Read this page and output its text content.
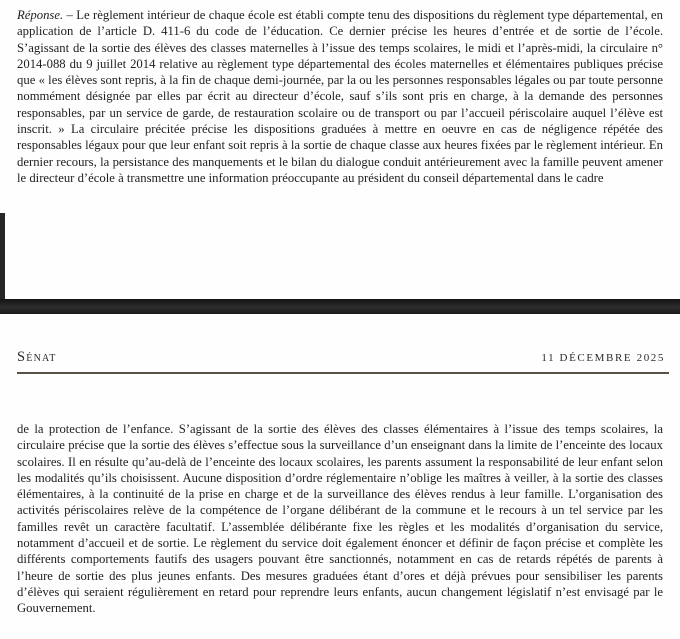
Réponse. – Le règlement intérieur de chaque école est établi compte tenu des dispositions du règlement type départemental, en application de l’article D. 411-6 du code de l’éducation. Ce dernier précise les heures d’entrée et de sortie de l’école. S’agissant de la sortie des élèves des classes maternelles à l’issue des temps scolaires, le midi et l’après-midi, la circulaire n° 2014-088 du 9 juillet 2014 relative au règlement type départemental des écoles maternelles et élémentaires publiques précise que « les élèves sont repris, à la fin de chaque demi-journée, par la ou les personnes responsables légales ou par toute personne nommément désignée par elles par écrit au directeur d’école, sauf s’ils sont pris en charge, à la demande des personnes responsables, par un service de garde, de restauration scolaire ou de transport ou par l’accueil périscolaire auquel l’élève est inscrit. » La circulaire précitée précise les dispositions graduées à mettre en oeuvre en cas de négligence répétée des responsables légaux pour que leur enfant soit repris à la sortie de chaque classe aux heures fixées par le règlement intérieur. En dernier recours, la persistance des manquements et le bilan du dialogue conduit antérieurement avec la famille peuvent amener le directeur d’école à transmettre une information préoccupante au président du conseil départemental dans le cadre

Sénat	11 DÉCEMBRE 2025

de la protection de l’enfance. S’agissant de la sortie des élèves des classes élémentaires à l’issue des temps scolaires, la circulaire précise que la sortie des élèves s’effectue sous la surveillance d’un enseignant dans la limite de l’enceinte des locaux scolaires. Il en résulte qu’au-delà de l’enceinte des locaux scolaires, les parents assument la responsabilité de leur enfant selon les modalités qu’ils choisissent. Aucune disposition d’ordre réglementaire n’oblige les maîtres à veiller, à la sortie des classes élémentaires, à la continuité de la prise en charge et de la surveillance des élèves rendus à leur famille. L’organisation des activités périscolaires relève de la compétence de l’organe délibérant de la commune et le recours à un tel service par les familles revêt un caractère facultatif. L’assemblée délibérante fixe les règles et les modalités d’organisation du service, notamment d’accueil et de sortie. Le règlement du service doit également énoncer et définir de façon précise et complète les différents comportements fautifs des usagers pouvant être sanctionnés, notamment en cas de retards répétés de parents à l’heure de sortie des plus jeunes enfants. Des mesures graduées étant d’ores et déjà prévues pour sensibiliser les parents d’élèves qui seraient régulièrement en retard pour reprendre leurs enfants, aucun changement législatif n’est envisagé par le Gouvernement.
